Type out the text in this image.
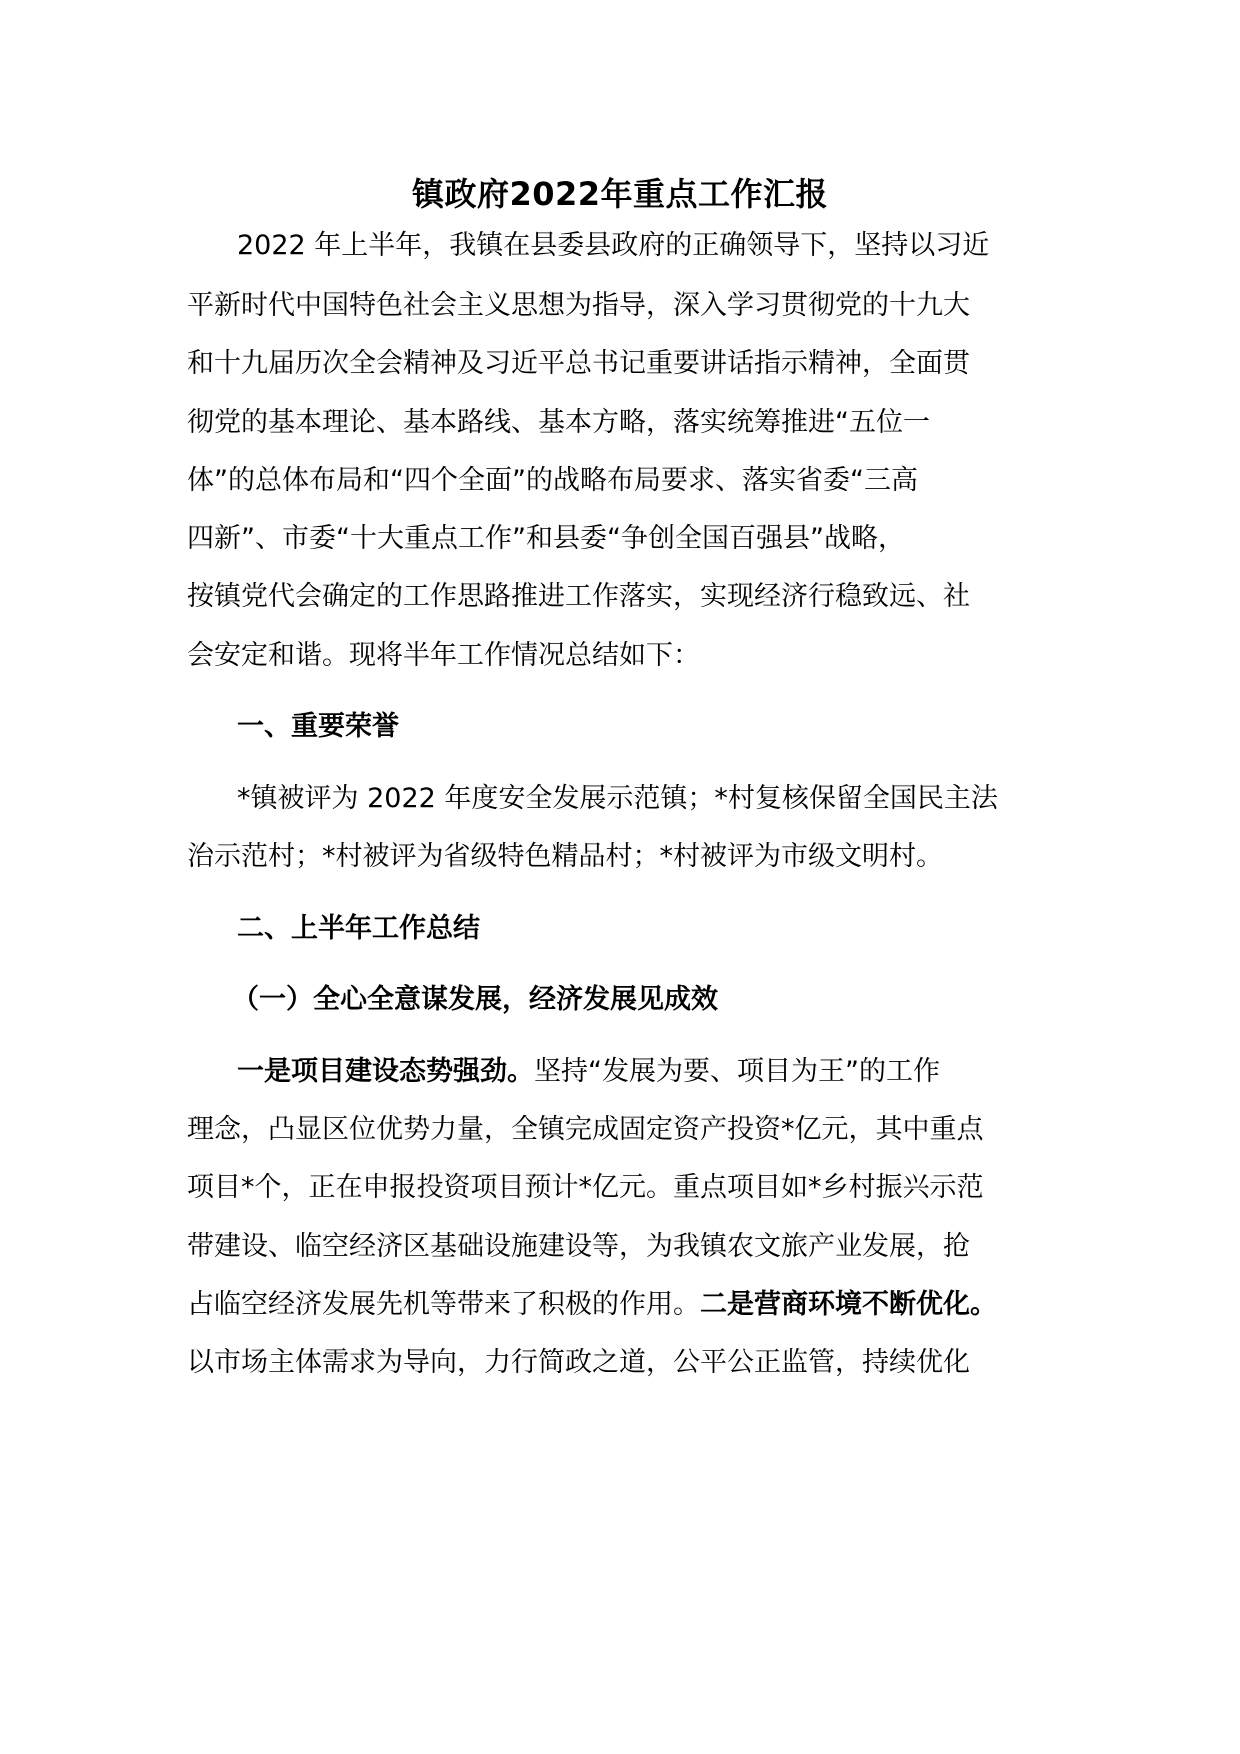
镇政府2022年重点工作汇报
2022 年上半年，我镇在县委县政府的正确领导下，坚持以习近
平新时代中国特色社会主义思想为指导，深入学习贯彻党的十九大
和十九届历次全会精神及习近平总书记重要讲话指示精神，全面贯
彻党的基本理论、基本路线、基本方略，落实统筹推进“五位一
体”的总体布局和“四个全面”的战略布局要求、落实省委“三高
四新”、市委“十大重点工作”和县委“争创全国百强县”战略，
按镇党代会确定的工作思路推进工作落实，实现经济行稳致远、社
会安定和谐。现将半年工作情况总结如下：
一、重要荣誉
*镇被评为 2022 年度安全发展示范镇；*村复核保留全国民主法
治示范村；*村被评为省级特色精品村；*村被评为市级文明村。
二、上半年工作总结
（一）全心全意谋发展，经济发展见成效
一是项目建设态势强劲。坚持“发展为要、项目为王”的工作
理念，凸显区位优势力量，全镇完成固定资产投资*亿元，其中重点
项目*个，正在申报投资项目预计*亿元。重点项目如*乡村振兴示范
带建设、临空经济区基础设施建设等，为我镇农文旅产业发展，抢
占临空经济发展先机等带来了积极的作用。二是营商环境不断优化。
以市场主体需求为导向，力行简政之道，公平公正监管，持续优化
